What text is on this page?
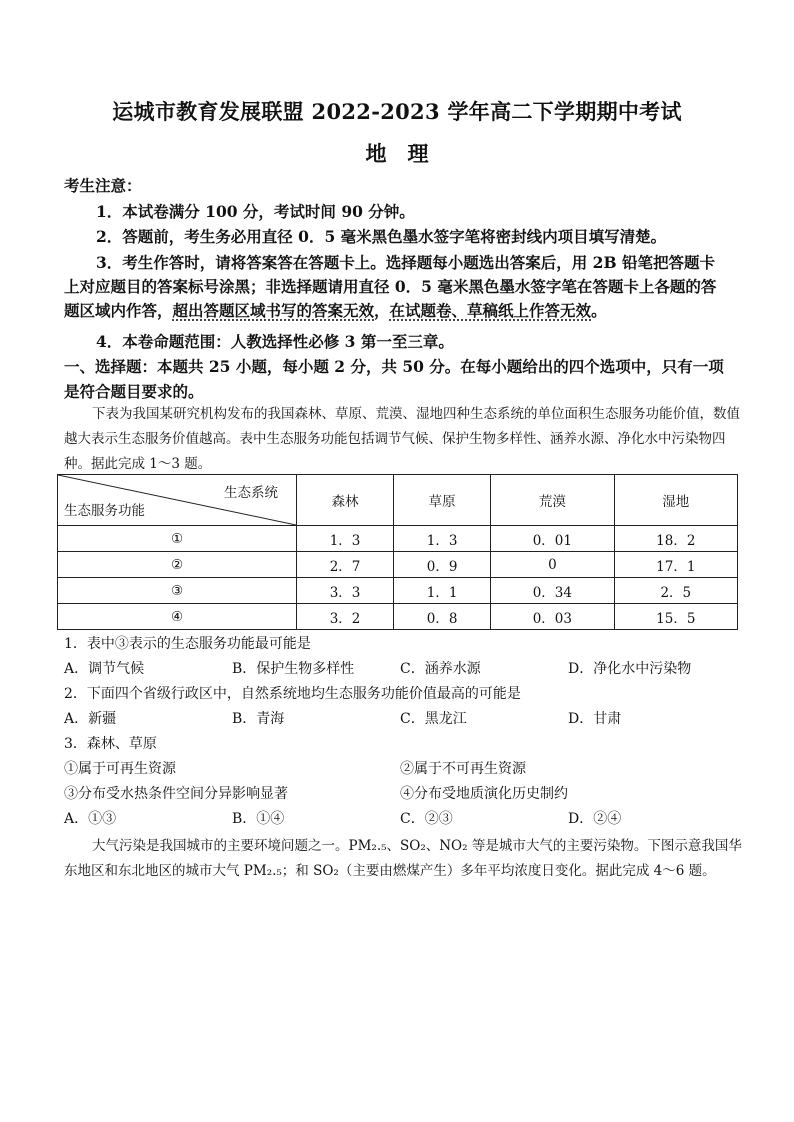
运城市教育发展联盟 2022-2023 学年高二下学期期中考试
地　理
考生注意：
1．本试卷满分 100 分，考试时间 90 分钟。
2．答题前，考生务必用直径 0．5 毫米黑色墨水签字笔将密封线内项目填写清楚。
3．考生作答时，请将答案答在答题卡上。选择题每小题选出答案后，用 2B 铅笔把答题卡
上对应题目的答案标号涂黑；非选择题请用直径 0．5 毫米黑色墨水签字笔在答题卡上各题的答
题区域内作答，超出答题区域书写的答案无效，在试题卷、草稿纸上作答无效。
4．本卷命题范围：人教选择性必修 3 第一至三章。
一、选择题：本题共 25 小题，每小题 2 分，共 50 分。在每小题给出的四个选项中，只有一项
是符合题目要求的。

下表为我国某研究机构发布的我国森林、草原、荒漠、湿地四种生态系统的单位面积生态服务功能价值，数值越大表示生态服务价值越高。表中生态服务功能包括调节气候、保护生物多样性、涵养水源、净化水中污染物四种。据此完成 1～3 题。

生态系统
生态服务功能	森林	草原	荒漠	湿地
①	1．3	1．3	0．01	18．2
②	2．7	0．9	0	17．1
③	3．3	1．1	0．34	2．5
④	3．2	0．8	0．03	15．5
1．表中③表示的生态服务功能最可能是
A．调节气候	B．保护生物多样性	C．涵养水源	D．净化水中污染物
2．下面四个省级行政区中，自然系统地均生态服务功能价值最高的可能是
A．新疆	B．青海	C．黑龙江	D．甘肃
3．森林、草原
①属于可再生资源	②属于不可再生资源
③分布受水热条件空间分异影响显著	④分布受地质演化历史制约
A．①③	B．①④	C．②③	D．②④
大气污染是我国城市的主要环境问题之一。PM₂.₅、SO₂、NO₂ 等是城市大气的主要污染物。下图示意我国华
东地区和东北地区的城市大气 PM₂.₅；和 SO₂（主要由燃煤产生）多年平均浓度日变化。据此完成 4～6 题。
